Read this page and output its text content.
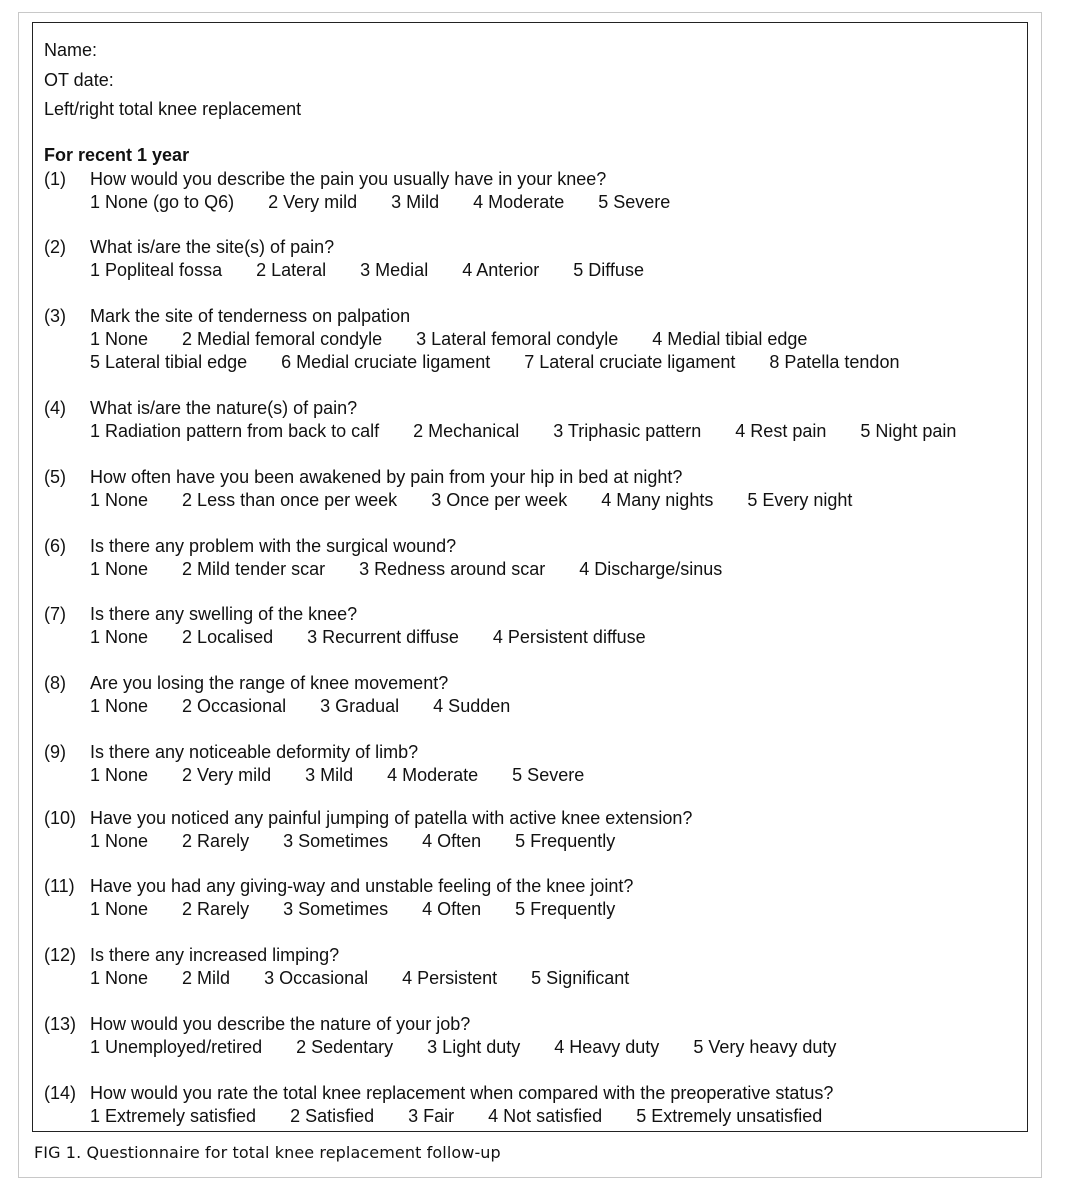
Name:
OT date:
Left/right total knee replacement
For recent 1 year
(1) How would you describe the pain you usually have in your knee?
1 None (go to Q6) 2 Very mild 3 Mild 4 Moderate 5 Severe
(2) What is/are the site(s) of pain?
1 Popliteal fossa 2 Lateral 3 Medial 4 Anterior 5 Diffuse
(3) Mark the site of tenderness on palpation
1 None 2 Medial femoral condyle 3 Lateral femoral condyle 4 Medial tibial edge
5 Lateral tibial edge 6 Medial cruciate ligament 7 Lateral cruciate ligament 8 Patella tendon
(4) What is/are the nature(s) of pain?
1 Radiation pattern from back to calf 2 Mechanical 3 Triphasic pattern 4 Rest pain 5 Night pain
(5) How often have you been awakened by pain from your hip in bed at night?
1 None 2 Less than once per week 3 Once per week 4 Many nights 5 Every night
(6) Is there any problem with the surgical wound?
1 None 2 Mild tender scar 3 Redness around scar 4 Discharge/sinus
(7) Is there any swelling of the knee?
1 None 2 Localised 3 Recurrent diffuse 4 Persistent diffuse
(8) Are you losing the range of knee movement?
1 None 2 Occasional 3 Gradual 4 Sudden
(9) Is there any noticeable deformity of limb?
1 None 2 Very mild 3 Mild 4 Moderate 5 Severe
(10) Have you noticed any painful jumping of patella with active knee extension?
1 None 2 Rarely 3 Sometimes 4 Often 5 Frequently
(11) Have you had any giving-way and unstable feeling of the knee joint?
1 None 2 Rarely 3 Sometimes 4 Often 5 Frequently
(12) Is there any increased limping?
1 None 2 Mild 3 Occasional 4 Persistent 5 Significant
(13) How would you describe the nature of your job?
1 Unemployed/retired 2 Sedentary 3 Light duty 4 Heavy duty 5 Very heavy duty
(14) How would you rate the total knee replacement when compared with the preoperative status?
1 Extremely satisfied 2 Satisfied 3 Fair 4 Not satisfied 5 Extremely unsatisfied
FIG 1. Questionnaire for total knee replacement follow-up
